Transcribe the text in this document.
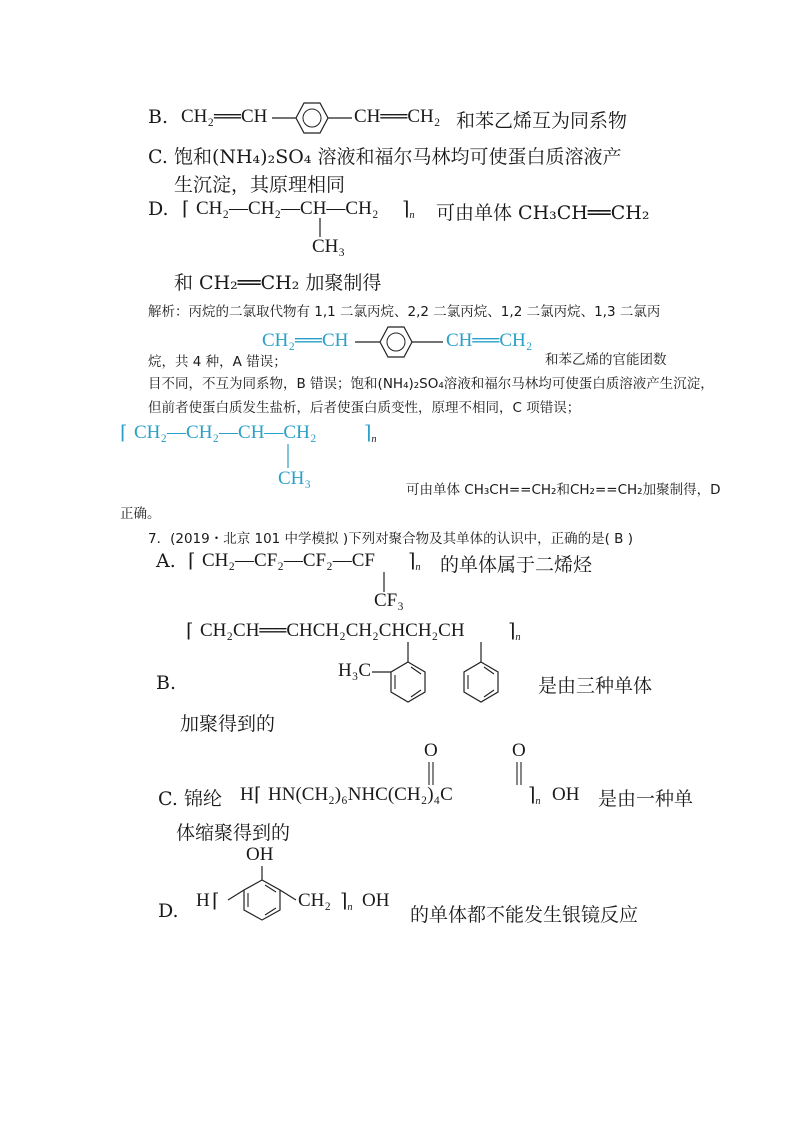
B. CH₂══CH	CH══CH₂ 和苯乙烯互为同系物
C. 饱和(NH₄)₂SO₄ 溶液和福尔马林均可使蛋白质溶液产
生沉淀，其原理相同
D. ⌈ CH₂—CH₂—CH—CH₂ ⌉n
CH₃
可由单体 CH₃CH══CH₂
和 CH₂══CH₂ 加聚制得
解析：丙烷的二氯取代物有 1,1 二氯丙烷、2,2 二氯丙烷、1,2 二氯丙烷、1,3 二氯丙
烷，共 4 种，A 错误；
CH₂══CH	CH══CH₂
和苯乙烯的官能团数
目不同，不互为同系物，B 错误；饱和(NH₄)₂SO₄溶液和福尔马林均可使蛋白质溶液产生沉淀，
但前者使蛋白质发生盐析，后者使蛋白质变性，原理不相同，C 项错误；
⌈ CH₂—CH₂—CH—CH₂	⌉n
CH₃
可由单体 CH₃CH==CH₂和CH₂==CH₂加聚制得，D
正确。
7．(2019・北京 101 中学模拟 )下列对聚合物及其单体的认识中，正确的是( B )
A. ⌈ CH₂—CF₂—CF₂—CF ⌉n
CF₃
的单体属于二烯烃
⌈ CH₂CH══CHCH₂CH₂CHCH₂CH ⌉n
B.
H₃C
是由三种单体
加聚得到的
O	O
C. 锦纶 H ⌈ HN(CH₂)₆NHC(CH₂)₄C	⌉n OH 是由一种单
体缩聚得到的
OH
D. H ⌈	CH₂ ⌉n OH
的单体都不能发生银镜反应
